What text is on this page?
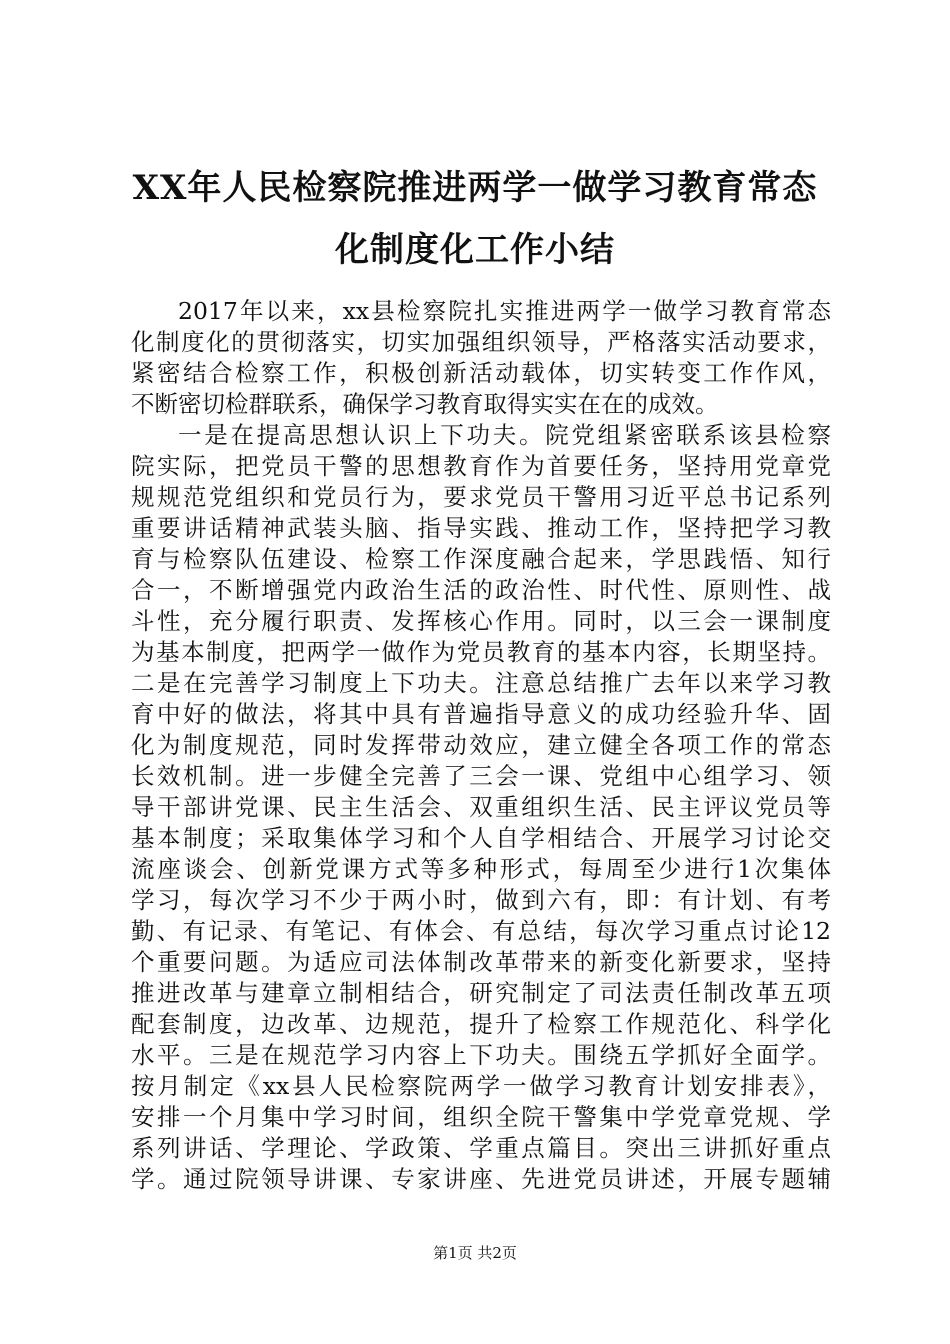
XX年人民检察院推进两学一做学习教育常态
化制度化工作小结
2017年以来，xx县检察院扎实推进两学一做学习教育常态
化制度化的贯彻落实，切实加强组织领导，严格落实活动要求，
紧密结合检察工作，积极创新活动载体，切实转变工作作风，
不断密切检群联系，确保学习教育取得实实在在的成效。
一是在提高思想认识上下功夫。院党组紧密联系该县检察
院实际，把党员干警的思想教育作为首要任务，坚持用党章党
规规范党组织和党员行为，要求党员干警用习近平总书记系列
重要讲话精神武装头脑、指导实践、推动工作，坚持把学习教
育与检察队伍建设、检察工作深度融合起来，学思践悟、知行
合一，不断增强党内政治生活的政治性、时代性、原则性、战
斗性，充分履行职责、发挥核心作用。同时，以三会一课制度
为基本制度，把两学一做作为党员教育的基本内容，长期坚持。
二是在完善学习制度上下功夫。注意总结推广去年以来学习教
育中好的做法，将其中具有普遍指导意义的成功经验升华、固
化为制度规范，同时发挥带动效应，建立健全各项工作的常态
长效机制。进一步健全完善了三会一课、党组中心组学习、领
导干部讲党课、民主生活会、双重组织生活、民主评议党员等
基本制度；采取集体学习和个人自学相结合、开展学习讨论交
流座谈会、创新党课方式等多种形式，每周至少进行1次集体
学习，每次学习不少于两小时，做到六有，即：有计划、有考
勤、有记录、有笔记、有体会、有总结，每次学习重点讨论12
个重要问题。为适应司法体制改革带来的新变化新要求，坚持
推进改革与建章立制相结合，研究制定了司法责任制改革五项
配套制度，边改革、边规范，提升了检察工作规范化、科学化
水平。三是在规范学习内容上下功夫。围绕五学抓好全面学。
按月制定《xx县人民检察院两学一做学习教育计划安排表》，
安排一个月集中学习时间，组织全院干警集中学党章党规、学
系列讲话、学理论、学政策、学重点篇目。突出三讲抓好重点
学。通过院领导讲课、专家讲座、先进党员讲述，开展专题辅
第1页 共2页
